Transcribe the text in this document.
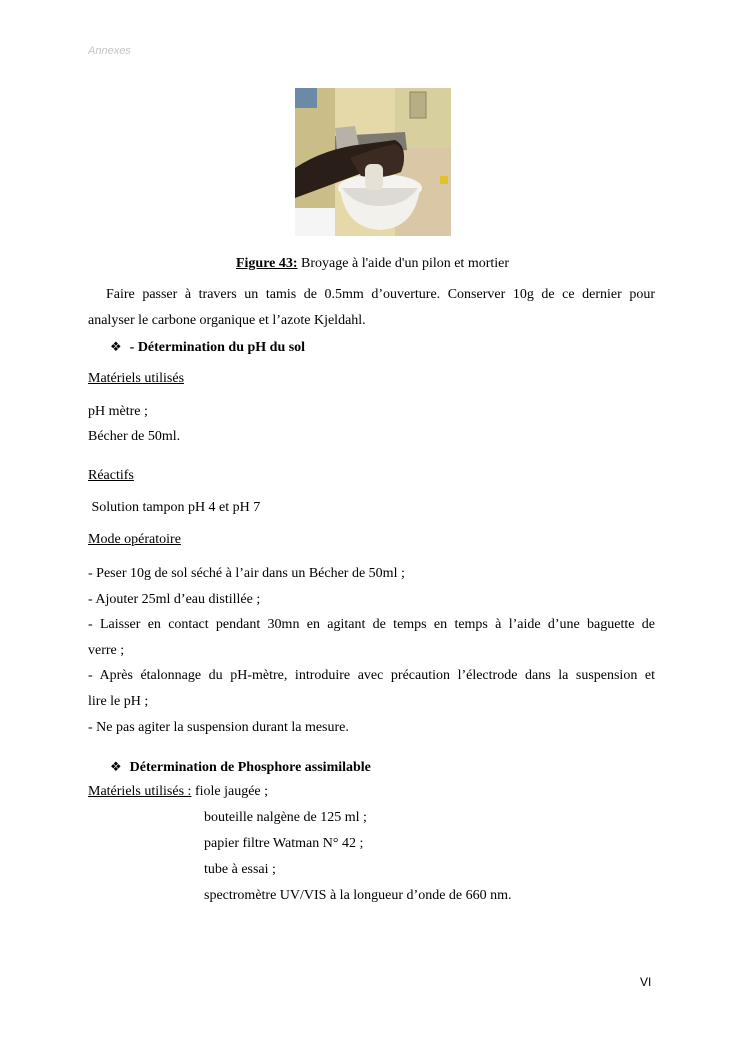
Annexes
Figure 43: Broyage à l'aide d'un pilon et mortier
Faire passer à travers un tamis de 0.5mm d’ouverture. Conserver 10g de ce dernier pour
analyser le carbone organique et l’azote Kjeldahl.
❖ - Détermination du pH du sol
Matériels utilisés
pH mètre ;
Bécher de 50ml.
Réactifs
Solution tampon pH 4 et pH 7
Mode opératoire
- Peser 10g de sol séché à l’air dans un Bécher de 50ml ;
- Ajouter 25ml d’eau distillée ;
- Laisser en contact pendant 30mn en agitant de temps en temps à l’aide d’une baguette de
verre ;
- Après étalonnage du pH-mètre, introduire avec précaution l’électrode dans la suspension et
lire le pH ;
- Ne pas agiter la suspension durant la mesure.
❖ Détermination de Phosphore assimilable
Matériels utilisés : fiole jaugée ;
bouteille nalgène de 125 ml ;
papier filtre Watman N° 42 ;
tube à essai ;
spectromètre UV/VIS à la longueur d’onde de 660 nm.
VI
